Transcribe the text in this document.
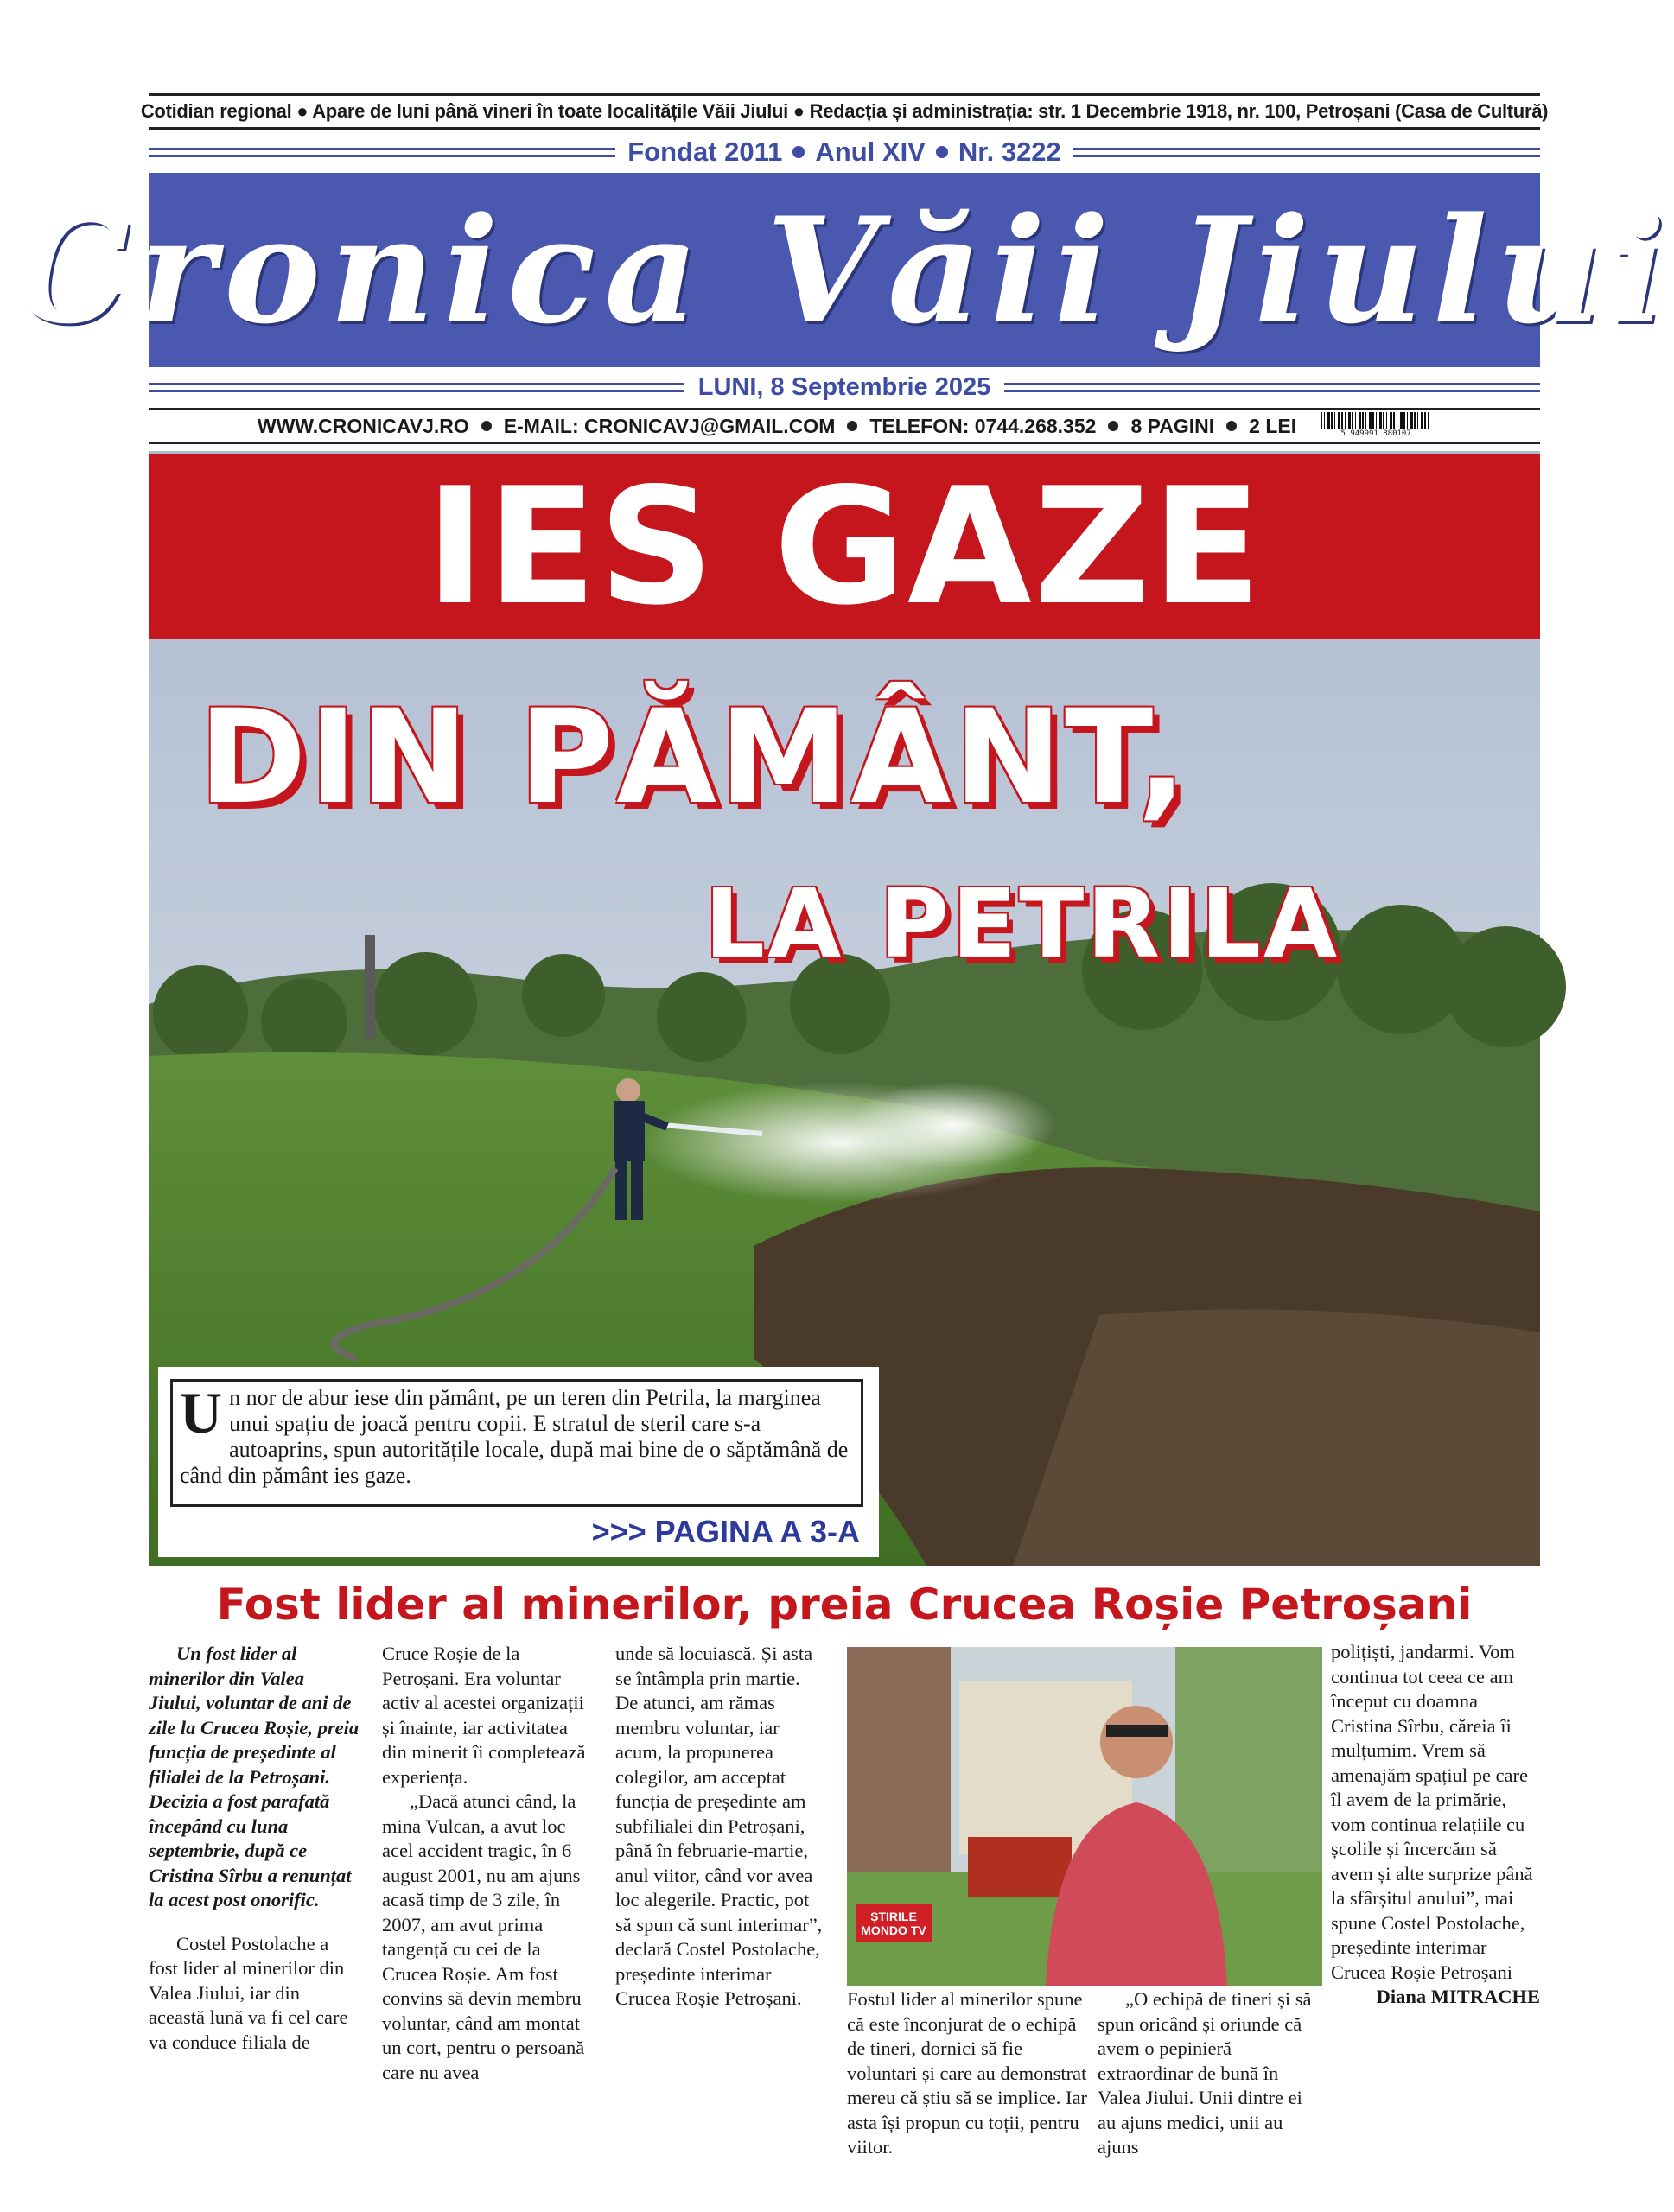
Cotidian regional ● Apare de luni până vineri în toate localitățile Văii Jiului ● Redacția și administrația: str. 1 Decembrie 1918, nr. 100, Petroșani (Casa de Cultură)
Fondat 2011 Anul XIV Nr. 3222
Cronica Văii Jiului
LUNI, 8 Septembrie 2025
WWW.CRONICAVJ.RO E-MAIL: CRONICAVJ@GMAIL.COM TELEFON: 0744.268.352 8 PAGINI 2 LEI	5 949991 880107
IES GAZE
DIN PĂMÂNT,
LA PETRILA
U n nor de abur iese din pământ, pe un teren din Petrila, la marginea unui spațiu de joacă pentru copii. E stratul de steril care s-a autoaprins, spun autoritățile locale, după mai bine de o săptămână de când din pământ ies gaze.
>>> PAGINA A 3-A
Fost lider al minerilor, preia Crucea Roșie Petroșani

Un fost lider al minerilor din Valea Jiului, voluntar de ani de zile la Crucea Roșie, preia funcția de președinte al filialei de la Petroșani. Decizia a fost parafată începând cu luna septembrie, după ce Cristina Sîrbu a renunțat la acest post onorific.

Costel Postolache a fost lider al minerilor din Valea Jiului, iar din această lună va fi cel care va conduce filiala de

Cruce Roșie de la Petroșani. Era voluntar activ al acestei organizații și înainte, iar activitatea din minerit îi completează experiența.

„Dacă atunci când, la mina Vulcan, a avut loc acel accident tragic, în 6 august 2001, nu am ajuns acasă timp de 3 zile, în 2007, am avut prima tangență cu cei de la Crucea Roșie. Am fost convins să devin membru voluntar, când am montat un cort, pentru o persoană care nu avea

unde să locuiască. Și asta se întâmpla prin martie. De atunci, am rămas membru voluntar, iar acum, la propunerea colegilor, am acceptat funcția de președinte am subfilialei din Petroșani, până în februarie-martie, anul viitor, când vor avea loc alegerile. Practic, pot să spun că sunt interimar”, declară Costel Postolache, președinte interimar Crucea Roșie Petroșani.

ȘTIRILE MONDO TV

Fostul lider al minerilor spune că este înconjurat de o echipă de tineri, dornici să fie voluntari și care au demonstrat mereu că știu să se implice. Iar asta își propun cu toții, pentru viitor.

„O echipă de tineri și să spun oricând și oriunde că avem o pepinieră extraordinar de bună în Valea Jiului. Unii dintre ei au ajuns medici, unii au ajuns

polițiști, jandarmi. Vom continua tot ceea ce am început cu doamna Cristina Sîrbu, căreia îi mulțumim. Vrem să amenajăm spațiul pe care îl avem de la primărie, vom continua relațiile cu școlile și încercăm să avem și alte surprize până la sfârșitul anului”, mai spune Costel Postolache, președinte interimar Crucea Roșie Petroșani

Diana MITRACHE
